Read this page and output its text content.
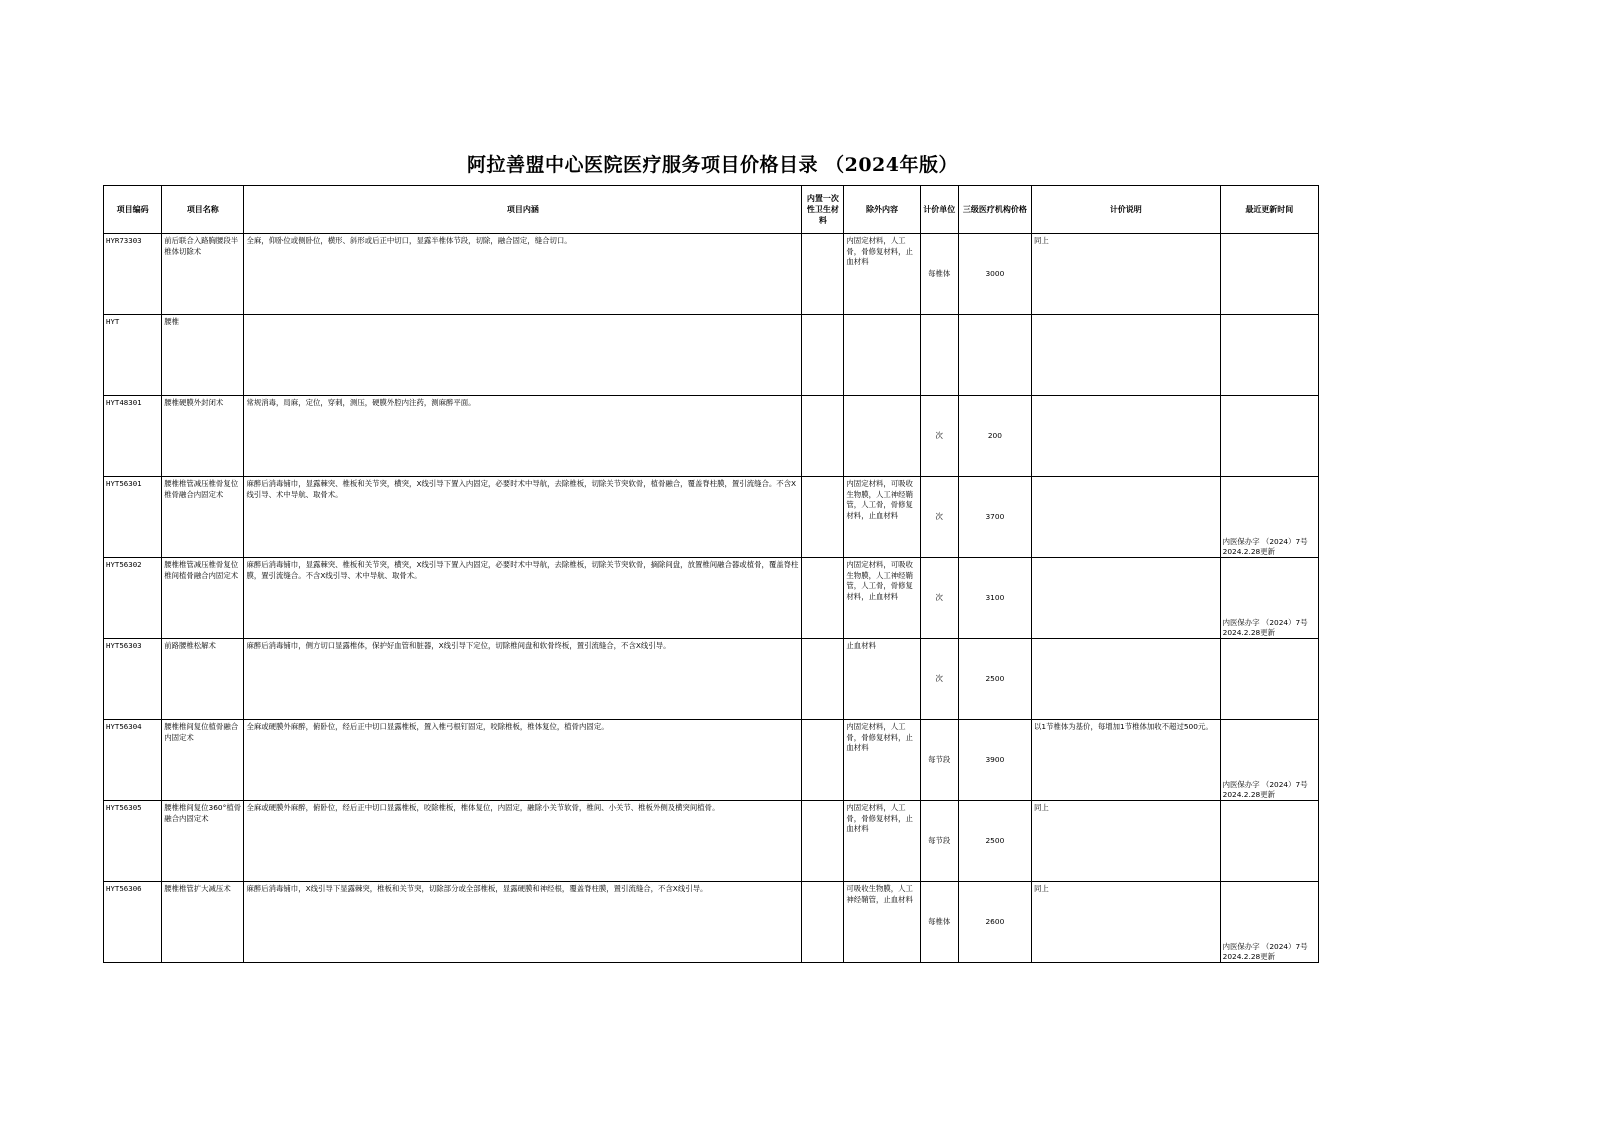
阿拉善盟中心医院医疗服务项目价格目录 （2024年版）
项目编码	项目名称	项目内涵	内置一次性卫生材料	除外内容	计价单位	三级医疗机构价格	计价说明	最近更新时间
HYR73303	前后联合入路胸腰段半椎体切除术	全麻，仰卧位或侧卧位，横形、斜形或后正中切口，显露半椎体节段，切除，融合固定，缝合切口。		内固定材料，人工骨，骨修复材料，止血材料	每椎体	3000	同上	
HYT	腰椎							
HYT48301	腰椎硬膜外封闭术	常规消毒，局麻，定位，穿刺，测压，硬膜外腔内注药，测麻醉平面。			次	200		
HYT56301	腰椎椎管减压椎骨复位椎骨融合内固定术	麻醉后消毒铺巾，显露棘突、椎板和关节突，横突，X线引导下置入内固定，必要时术中导航，去除椎板，切除关节突软骨，植骨融合，覆盖脊柱膜，置引流缝合。不含X线引导、术中导航、取骨术。		内固定材料，可吸收生物膜，人工神经鞘管，人工骨，骨修复材料，止血材料	次	3700		内医保办字 （2024）7号 2024.2.28更新
HYT56302	腰椎椎管减压椎骨复位椎间植骨融合内固定术	麻醉后消毒铺巾，显露棘突、椎板和关节突，横突，X线引导下置入内固定，必要时术中导航，去除椎板，切除关节突软骨，摘除间盘，放置椎间融合器或植骨，覆盖脊柱膜，置引流缝合。不含X线引导、术中导航、取骨术。		内固定材料，可吸收生物膜，人工神经鞘管，人工骨，骨修复材料，止血材料	次	3100		内医保办字 （2024）7号 2024.2.28更新
HYT56303	前路腰椎松解术	麻醉后消毒铺巾，侧方切口显露椎体，保护好血管和脏器，X线引导下定位，切除椎间盘和软骨终板，置引流缝合，不含X线引导。		止血材料	次	2500		
HYT56304	腰椎椎间复位植骨融合内固定术	全麻或硬膜外麻醉，俯卧位，经后正中切口显露椎板，置入椎弓根钉固定，咬除椎板，椎体复位，植骨内固定。		内固定材料，人工骨，骨修复材料，止血材料	每节段	3900	以1节椎体为基价，每增加1节椎体加收不超过500元。	内医保办字 （2024）7号 2024.2.28更新
HYT56305	腰椎椎间复位360°植骨融合内固定术	全麻或硬膜外麻醉，俯卧位，经后正中切口显露椎板，咬除椎板，椎体复位，内固定，融除小关节软骨，椎间、小关节、椎板外侧及横突间植骨。		内固定材料，人工骨，骨修复材料，止血材料	每节段	2500	同上	
HYT56306	腰椎椎管扩大减压术	麻醉后消毒铺巾，X线引导下显露棘突，椎板和关节突，切除部分或全部椎板，显露硬膜和神经根，覆盖脊柱膜，置引流缝合，不含X线引导。		可吸收生物膜，人工神经鞘管，止血材料	每椎体	2600	同上	内医保办字 （2024）7号 2024.2.28更新
